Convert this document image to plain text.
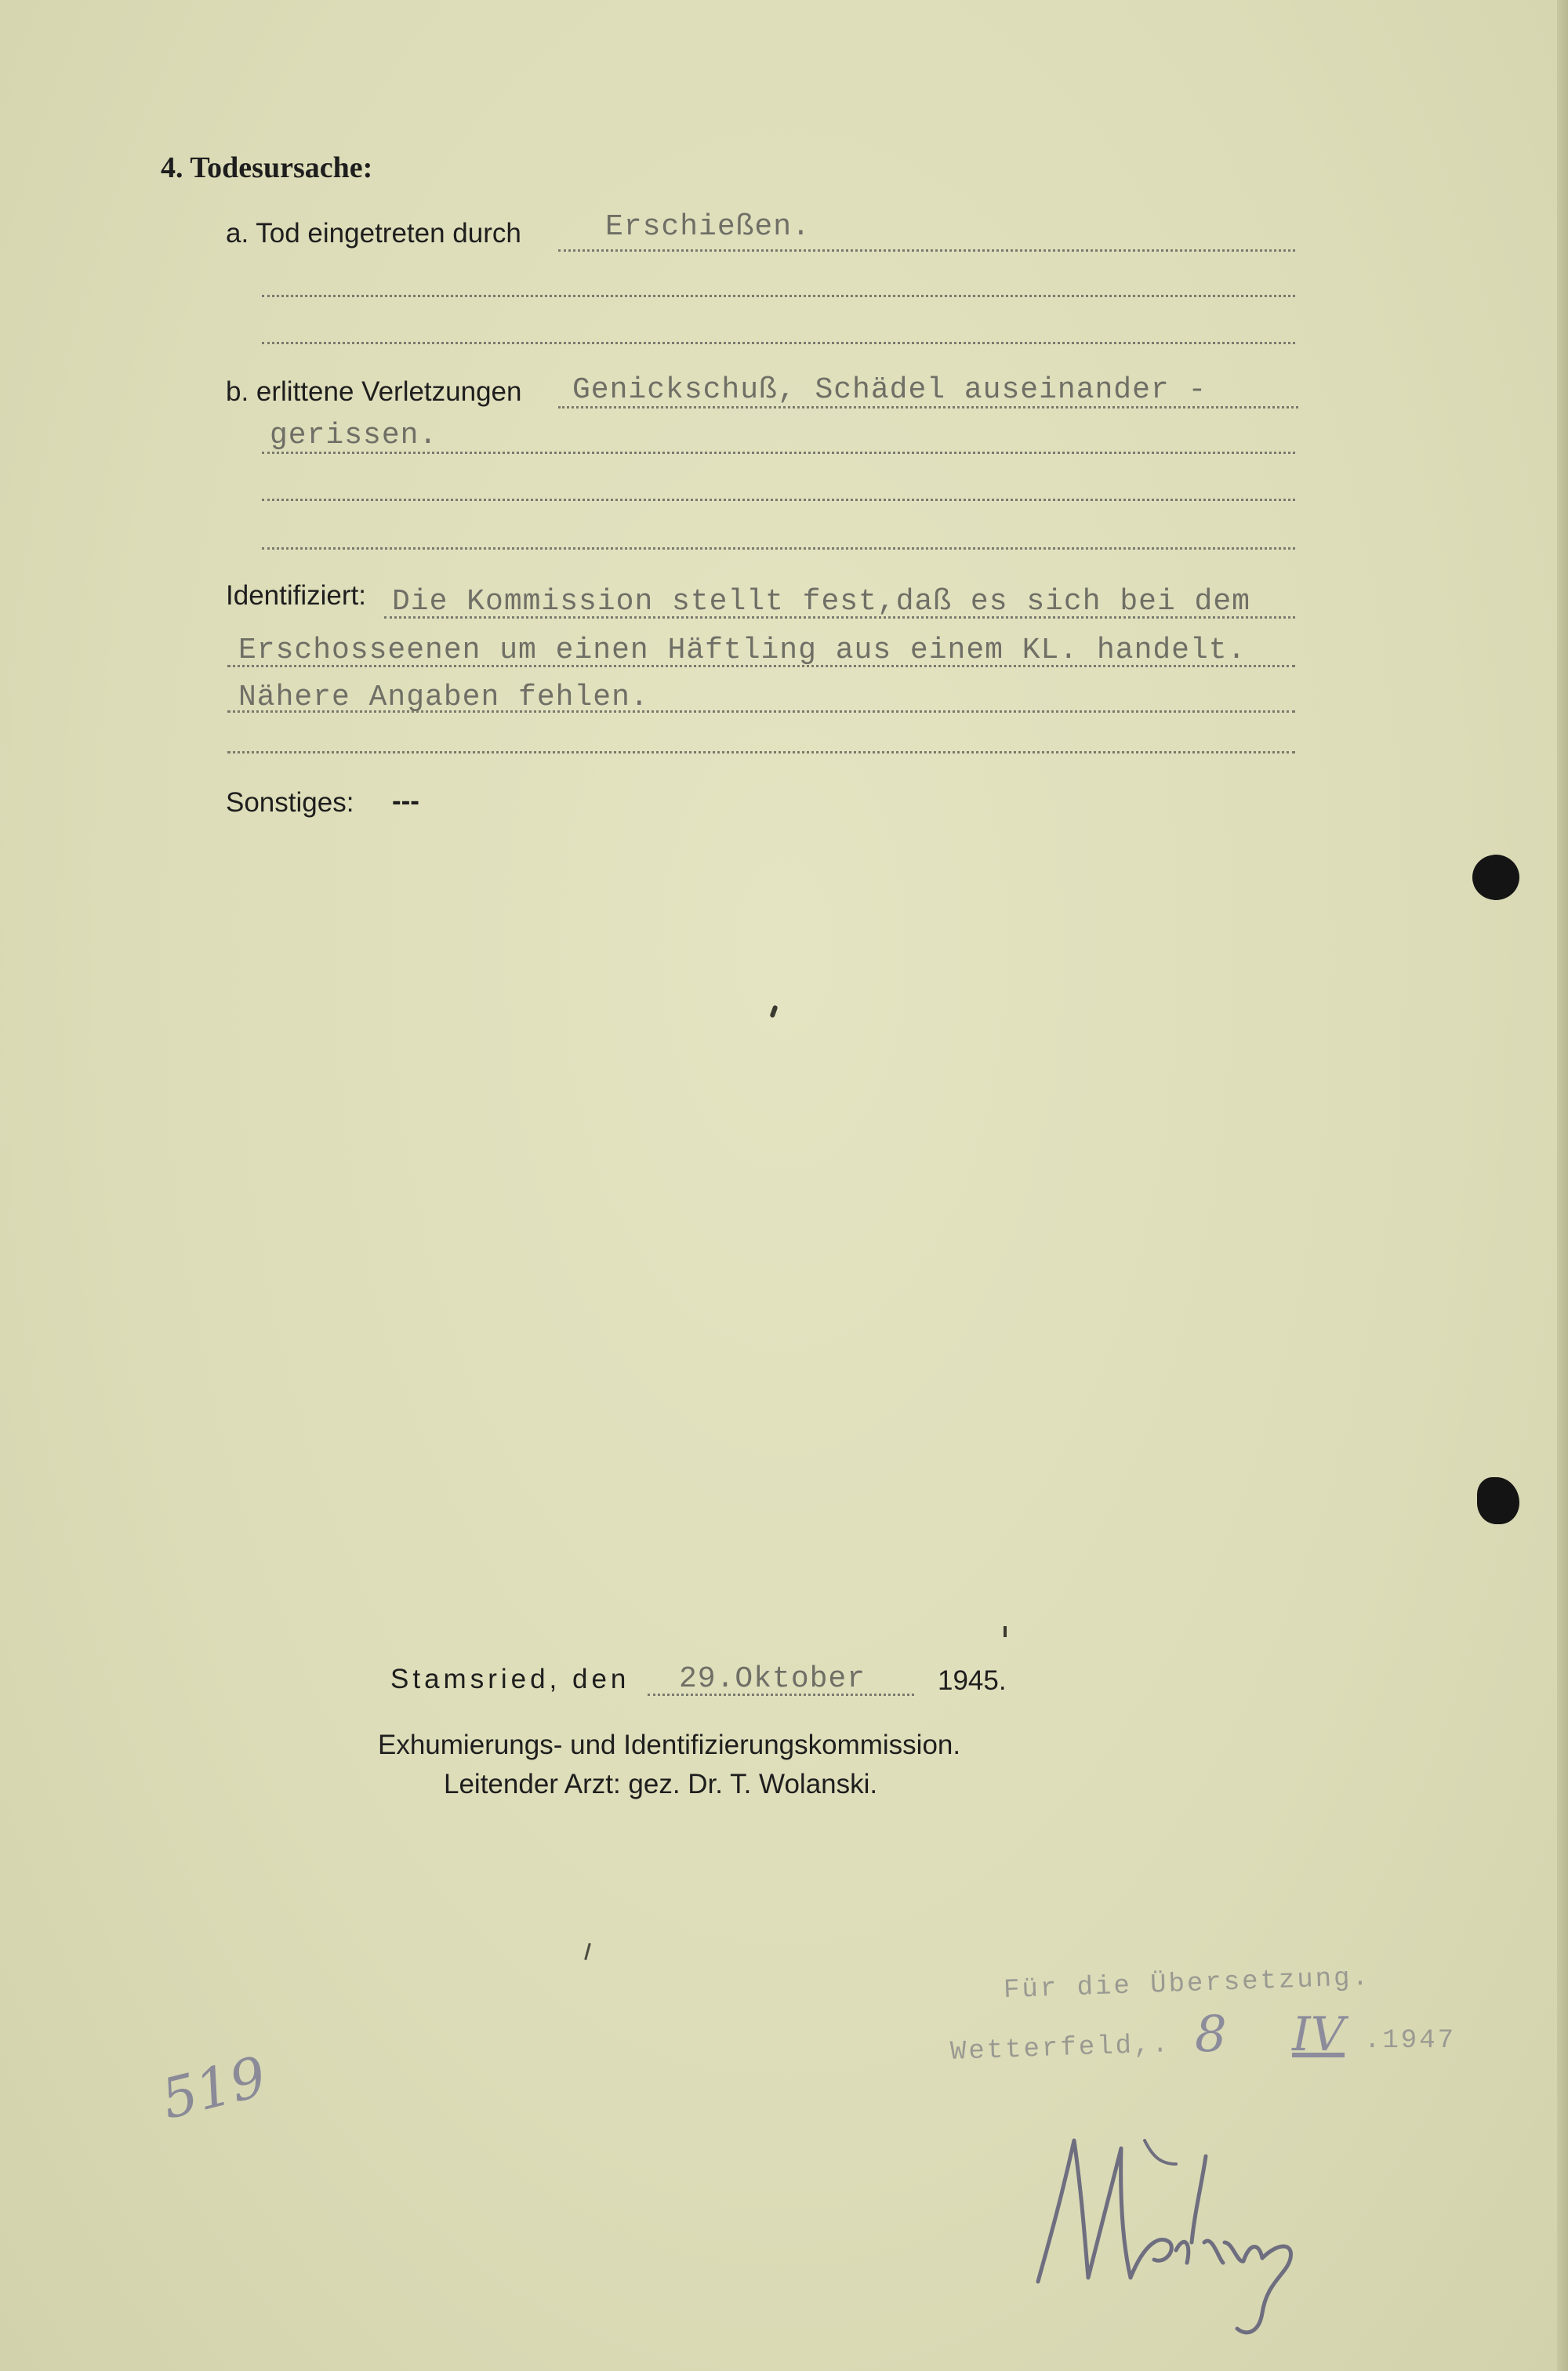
4. Todesursache:
a. Tod eingetreten durch	Erschießen.
b. erlittene Verletzungen Genickschuß, Schädel auseinander -
gerissen.
Identifiziert: Die Kommission stellt fest,daß es sich bei dem
Erschosseenen um einen Häftling aus einem KL. handelt.
Nähere Angaben fehlen.
Sonstiges: ---
Stamsried, den 29.Oktober	1945.
Exhumierungs- und Identifizierungskommission.
Leitender Arzt: gez. Dr. T. Wolanski.
Für die Übersetzung.
Wetterfeld,. 8 IV .1947
519
